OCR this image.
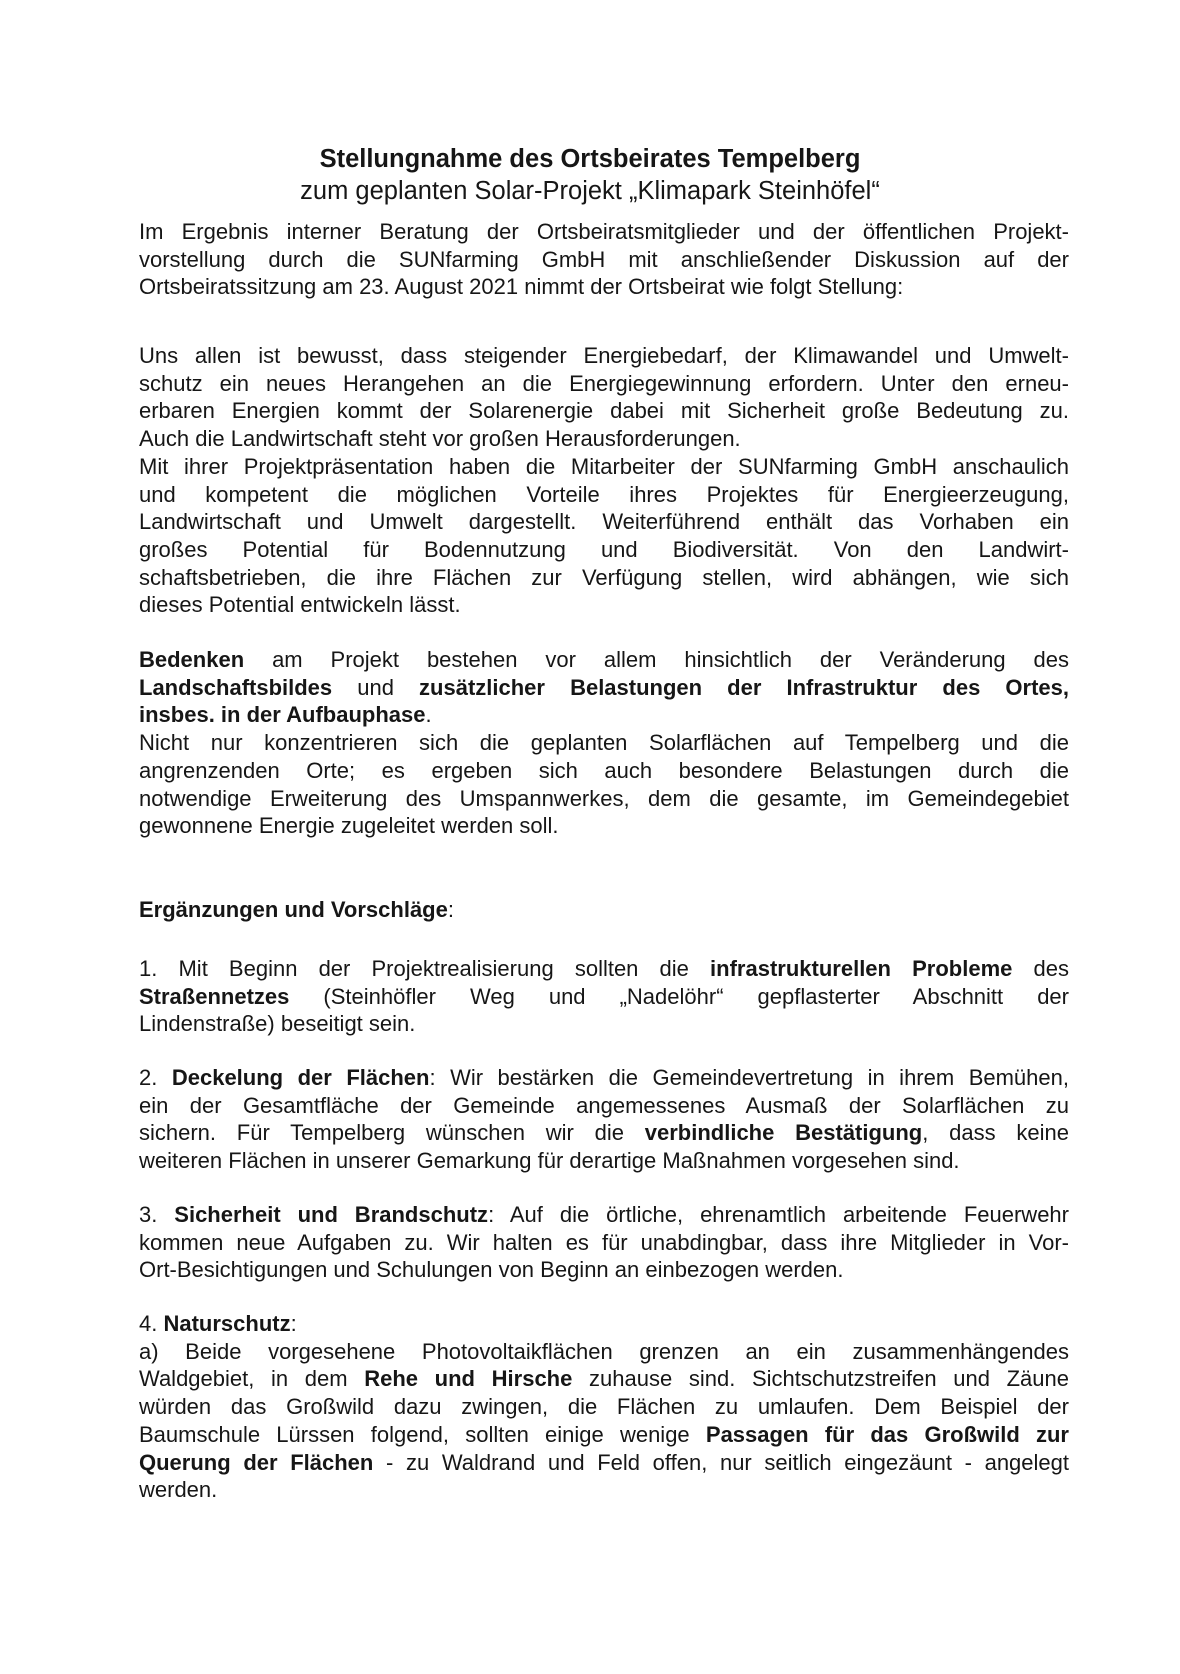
Stellungnahme des Ortsbeirates Tempelberg
zum geplanten Solar-Projekt „Klimapark Steinhöfel“

Im Ergebnis interner Beratung der Ortsbeiratsmitglieder und der öffentlichen Projekt-
vorstellung durch die SUNfarming GmbH mit anschließender Diskussion auf der
Ortsbeiratssitzung am 23. August 2021 nimmt der Ortsbeirat wie folgt Stellung:

Uns allen ist bewusst, dass steigender Energiebedarf, der Klimawandel und Umwelt-
schutz ein neues Herangehen an die Energiegewinnung erfordern. Unter den erneu-
erbaren Energien kommt der Solarenergie dabei mit Sicherheit große Bedeutung zu.
Auch die Landwirtschaft steht vor großen Herausforderungen.
Mit ihrer Projektpräsentation haben die Mitarbeiter der SUNfarming GmbH anschaulich
und kompetent die möglichen Vorteile ihres Projektes für Energieerzeugung,
Landwirtschaft und Umwelt dargestellt. Weiterführend enthält das Vorhaben ein
großes Potential für Bodennutzung und Biodiversität. Von den Landwirt-
schaftsbetrieben, die ihre Flächen zur Verfügung stellen, wird abhängen, wie sich
dieses Potential entwickeln lässt.

Bedenken am Projekt bestehen vor allem hinsichtlich der Veränderung des
Landschaftsbildes und zusätzlicher Belastungen der Infrastruktur des Ortes,
insbes. in der Aufbauphase.
Nicht nur konzentrieren sich die geplanten Solarflächen auf Tempelberg und die
angrenzenden Orte; es ergeben sich auch besondere Belastungen durch die
notwendige Erweiterung des Umspannwerkes, dem die gesamte, im Gemeindegebiet
gewonnene Energie zugeleitet werden soll.

Ergänzungen und Vorschläge:

1. Mit Beginn der Projektrealisierung sollten die infrastrukturellen Probleme des
Straßennetzes (Steinhöfler Weg und „Nadelöhr“ gepflasterter Abschnitt der
Lindenstraße) beseitigt sein.

2. Deckelung der Flächen: Wir bestärken die Gemeindevertretung in ihrem Bemühen,
ein der Gesamtfläche der Gemeinde angemessenes Ausmaß der Solarflächen zu
sichern. Für Tempelberg wünschen wir die verbindliche Bestätigung, dass keine
weiteren Flächen in unserer Gemarkung für derartige Maßnahmen vorgesehen sind.

3. Sicherheit und Brandschutz: Auf die örtliche, ehrenamtlich arbeitende Feuerwehr
kommen neue Aufgaben zu. Wir halten es für unabdingbar, dass ihre Mitglieder in Vor-
Ort-Besichtigungen und Schulungen von Beginn an einbezogen werden.

4. Naturschutz:
a) Beide vorgesehene Photovoltaikflächen grenzen an ein zusammenhängendes
Waldgebiet, in dem Rehe und Hirsche zuhause sind. Sichtschutzstreifen und Zäune
würden das Großwild dazu zwingen, die Flächen zu umlaufen. Dem Beispiel der
Baumschule Lürssen folgend, sollten einige wenige Passagen für das Großwild zur
Querung der Flächen - zu Waldrand und Feld offen, nur seitlich eingezäunt - angelegt
werden.
